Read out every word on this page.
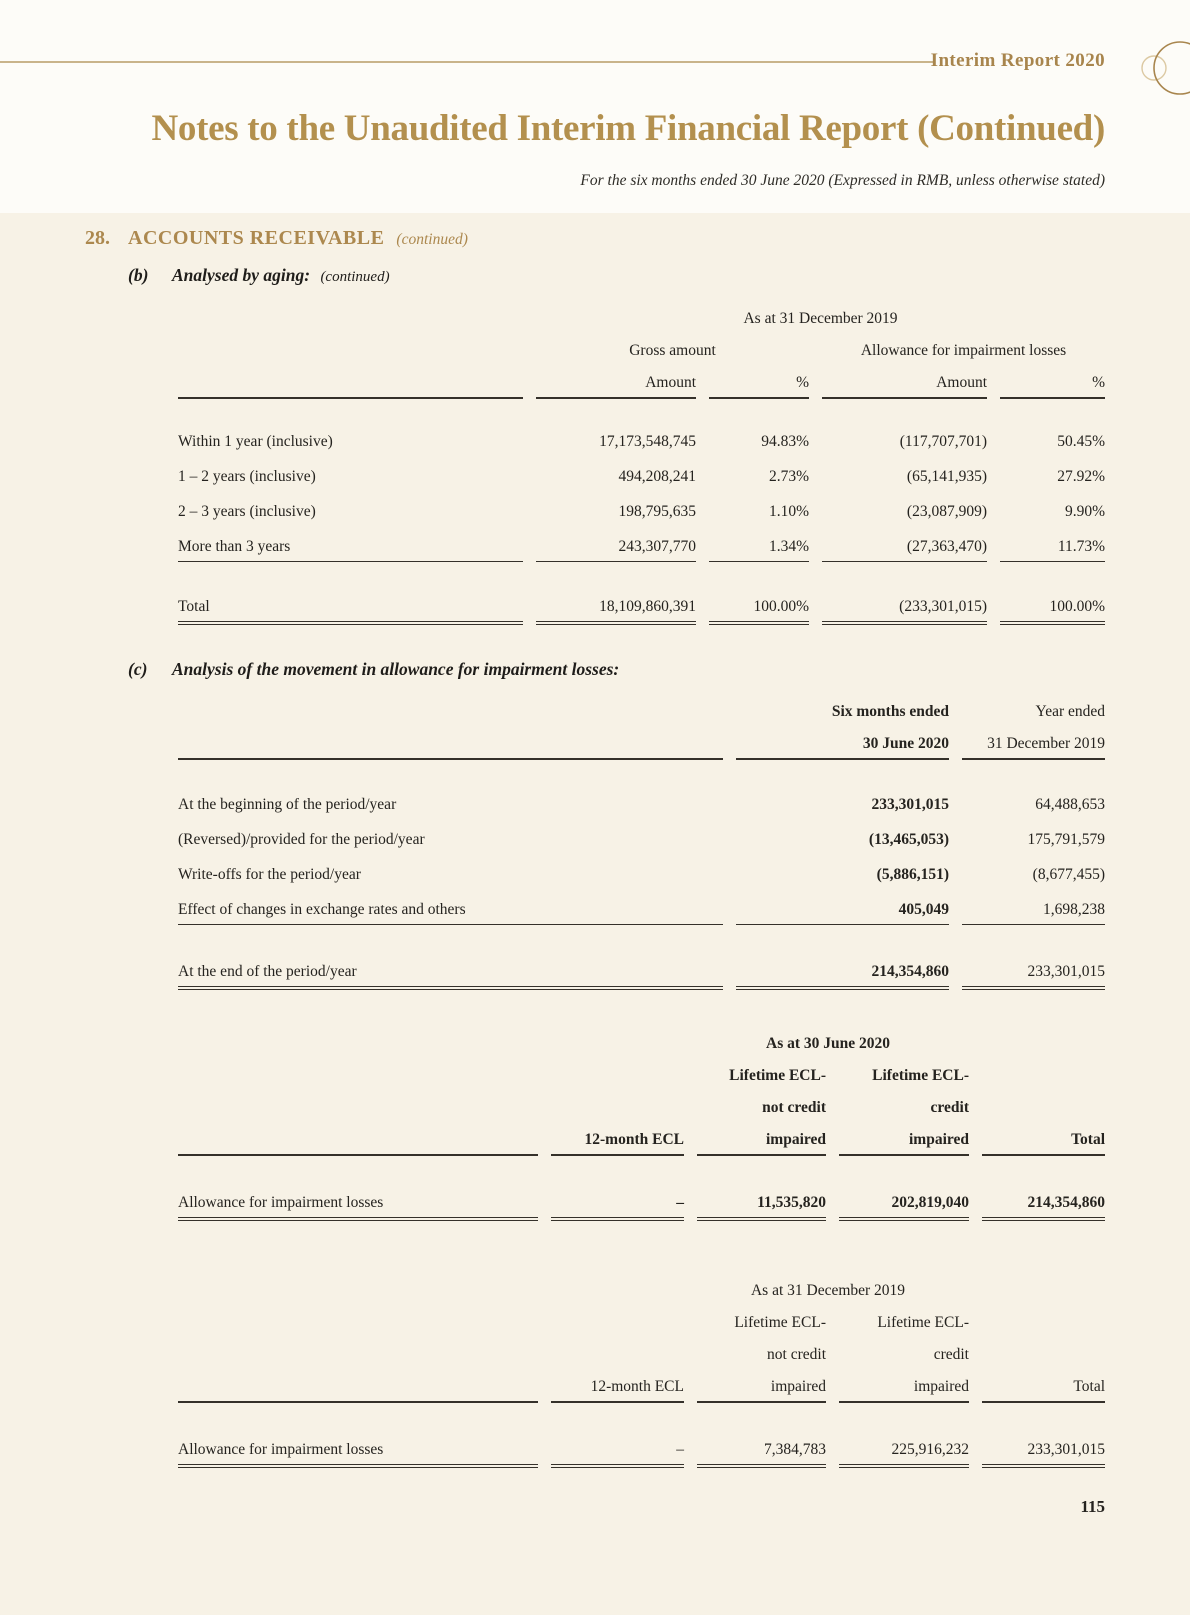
Interim Report 2020
Notes to the Unaudited Interim Financial Report (Continued)
For the six months ended 30 June 2020 (Expressed in RMB, unless otherwise stated)
28. ACCOUNTS RECEIVABLE (continued)
(b) Analysed by aging: (continued)
	As at 31 December 2019			
	Gross amount		Allowance for impairment losses	
	Amount	%	Amount	%

Within 1 year (inclusive)	17,173,548,745	94.83%	(117,707,701)	50.45%
1 – 2 years (inclusive)	494,208,241	2.73%	(65,141,935)	27.92%
2 – 3 years (inclusive)	198,795,635	1.10%	(23,087,909)	9.90%
More than 3 years	243,307,770	1.34%	(27,363,470)	11.73%

Total	18,109,860,391	100.00%	(233,301,015)	100.00%
(c) Analysis of the movement in allowance for impairment losses:
	Six months ended	Year ended
	30 June 2020	31 December 2019

At the beginning of the period/year	233,301,015	64,488,653
(Reversed)/provided for the period/year	(13,465,053)	175,791,579
Write-offs for the period/year	(5,886,151)	(8,677,455)
Effect of changes in exchange rates and others	405,049	1,698,238

At the end of the period/year	214,354,860	233,301,015
	As at 30 June 2020			
		Lifetime ECL-	Lifetime ECL-	
		not credit	credit	
	12-month ECL	impaired	impaired	Total

Allowance for impairment losses	–	11,535,820	202,819,040	214,354,860
	As at 31 December 2019			
		Lifetime ECL-	Lifetime ECL-	
		not credit	credit	
	12-month ECL	impaired	impaired	Total

Allowance for impairment losses	–	7,384,783	225,916,232	233,301,015
115
